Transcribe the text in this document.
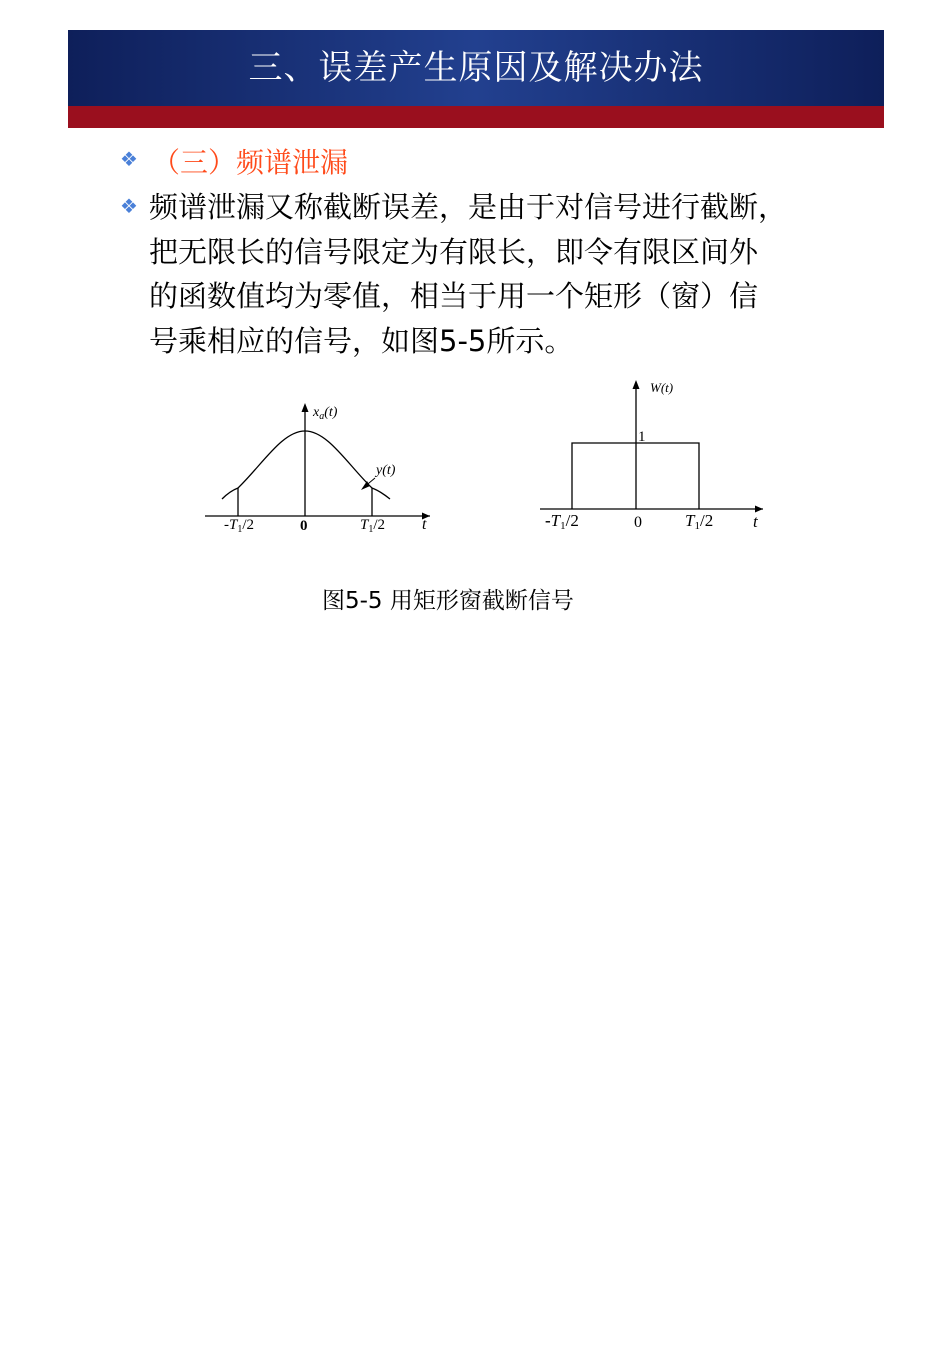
三、误差产生原因及解决办法
❖ （三）频谱泄漏
❖ 频谱泄漏又称截断误差，是由于对信号进行截断，
把无限长的信号限定为有限长，即令有限区间外
的函数值均为零值，相当于用一个矩形（窗）信
号乘相应的信号，如图5-5所示。
$x_a(t)$
y(t)
$-T_1/2$	0	$T_1/2$ t
W(t)
1
-T1/2	0	T1/2 t
图5-5 用矩形窗截断信号
